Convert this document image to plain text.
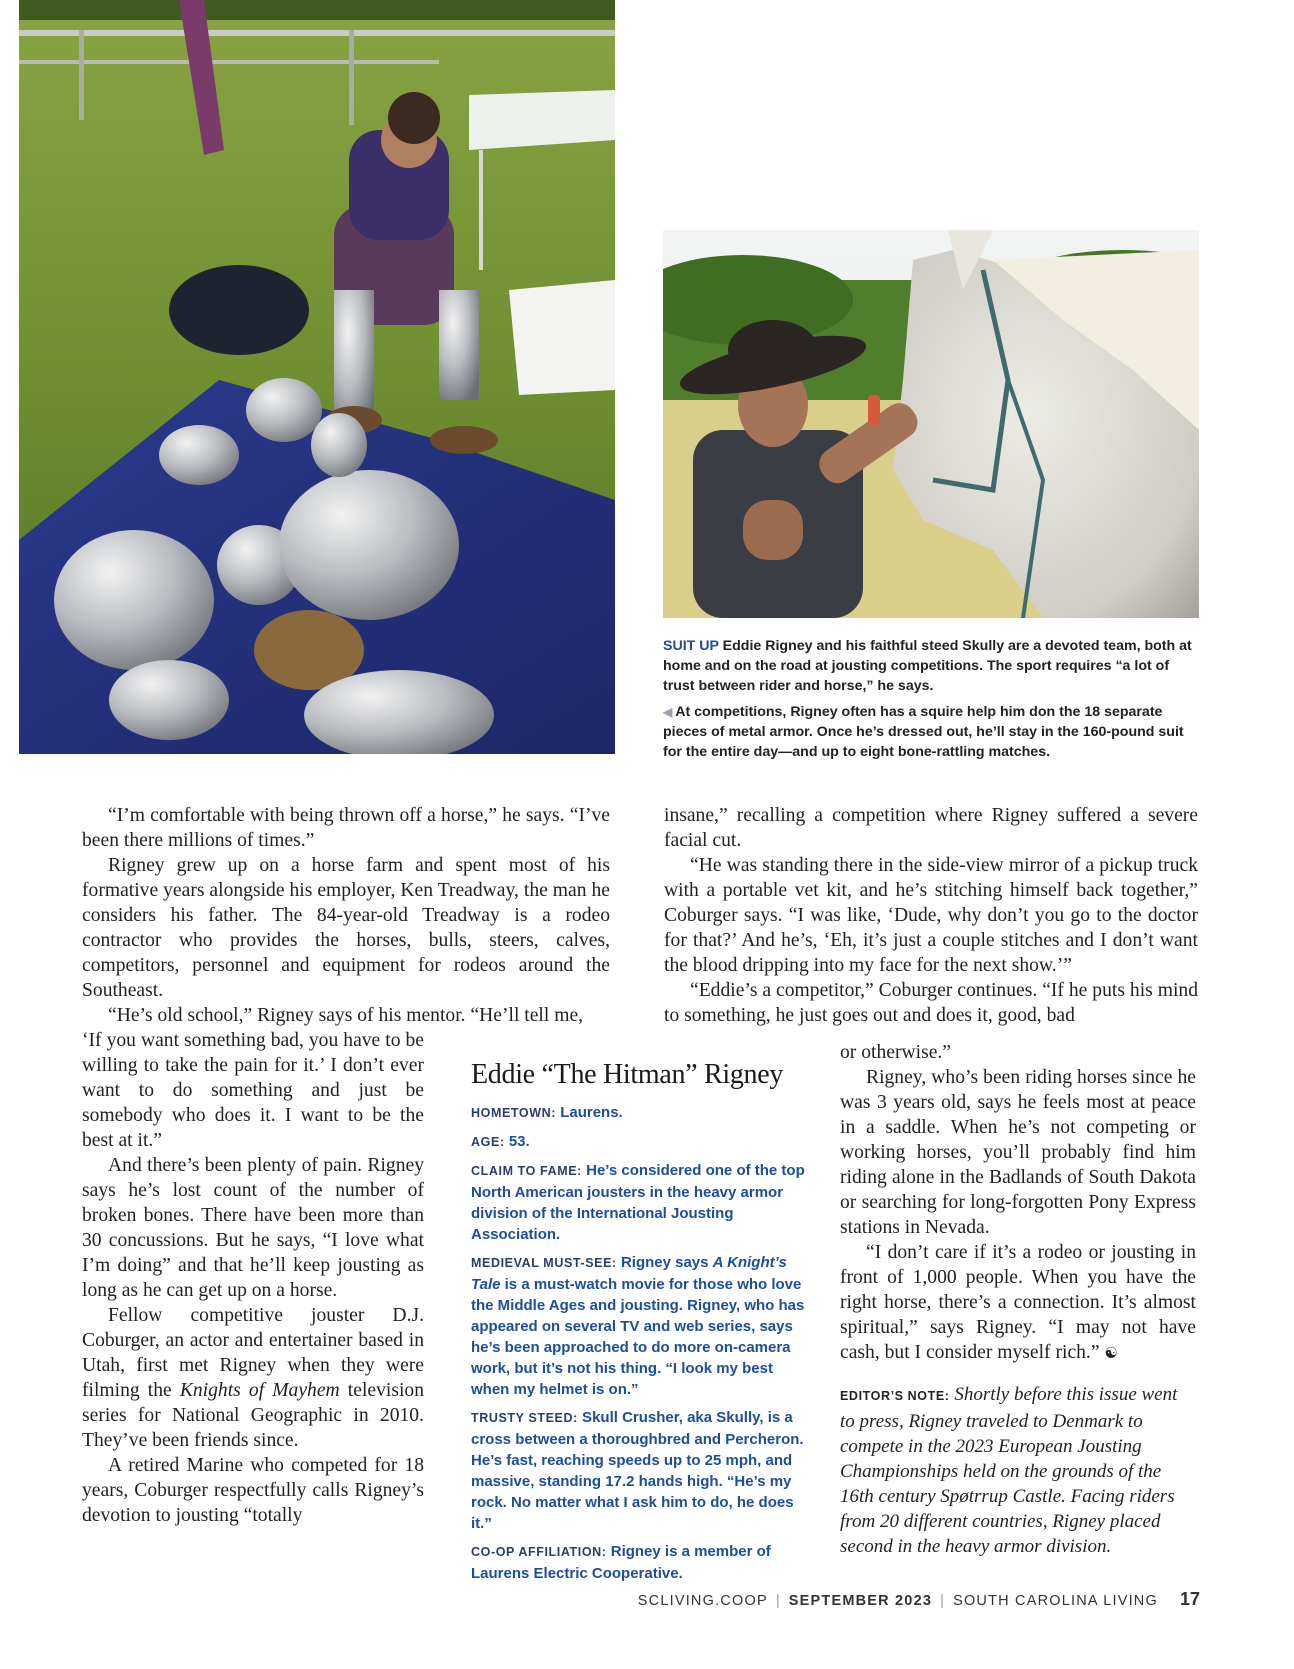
SUIT UP Eddie Rigney and his faithful steed Skully are a devoted team, both at home and on the road at jousting competitions. The sport requires “a lot of trust between rider and horse,” he says.
◀ At competitions, Rigney often has a squire help him don the 18 separate pieces of metal armor. Once he’s dressed out, he’ll stay in the 160-pound suit for the entire day—and up to eight bone-rattling matches.

“I’m comfortable with being thrown off a horse,” he says. “I’ve been there millions of times.”

Rigney grew up on a horse farm and spent most of his formative years alongside his employer, Ken Treadway, the man he considers his father. The 84-year-old Treadway is a rodeo contractor who provides the horses, bulls, steers, calves, competitors, personnel and equipment for rodeos around the Southeast.

“He’s old school,” Rigney says of his mentor. “He’ll tell me,

‘If you want something bad, you have to be willing to take the pain for it.’ I don’t ever want to do something and just be somebody who does it. I want to be the best at it.”

And there’s been plenty of pain. Rigney says he’s lost count of the number of broken bones. There have been more than 30 concussions. But he says, “I love what I’m doing” and that he’ll keep jousting as long as he can get up on a horse.

Fellow competitive jouster D.J. Coburger, an actor and entertainer based in Utah, first met Rigney when they were filming the Knights of Mayhem television series for National Geographic in 2010. They’ve been friends since.

A retired Marine who competed for 18 years, Coburger respectfully calls Rigney’s devotion to jousting “totally

insane,” recalling a competition where Rigney suffered a severe facial cut.

“He was standing there in the side-view mirror of a pickup truck with a portable vet kit, and he’s stitching himself back together,” Coburger says. “I was like, ‘Dude, why don’t you go to the doctor for that?’ And he’s, ‘Eh, it’s just a couple stitches and I don’t want the blood dripping into my face for the next show.’”

“Eddie’s a competitor,” Coburger continues. “If he puts his mind to something, he just goes out and does it, good, bad

or otherwise.”

Rigney, who’s been riding horses since he was 3 years old, says he feels most at peace in a saddle. When he’s not competing or working horses, you’ll probably find him riding alone in the Badlands of South Dakota or searching for long-forgotten Pony Express stations in Nevada.

“I don’t care if it’s a rodeo or jousting in front of 1,000 people. When you have the right horse, there’s a connection. It’s almost spiritual,” says Rigney. “I may not have cash, but I consider myself rich.” ☯

Eddie “The Hitman” Rigney
HOMETOWN: Laurens.
AGE: 53.
CLAIM TO FAME: He’s considered one of the top North American jousters in the heavy armor division of the International Jousting Association.
MEDIEVAL MUST-SEE: Rigney says A Knight’s Tale is a must-watch movie for those who love the Middle Ages and jousting. Rigney, who has appeared on several TV and web series, says he’s been approached to do more on-camera work, but it’s not his thing. “I look my best when my helmet is on.”
TRUSTY STEED: Skull Crusher, aka Skully, is a cross between a thoroughbred and Percheron. He’s fast, reaching speeds up to 25 mph, and massive, standing 17.2 hands high. “He’s my rock. No matter what I ask him to do, he does it.”
CO-OP AFFILIATION: Rigney is a member of Laurens Electric Cooperative.
EDITOR’S NOTE: Shortly before this issue went to press, Rigney traveled to Denmark to compete in the 2023 European Jousting Championships held on the grounds of the 16th century Spøtrrup Castle. Facing riders from 20 different countries, Rigney placed second in the heavy armor division.
SCLIVING.COOP | SEPTEMBER 2023 | SOUTH CAROLINA LIVING 17
